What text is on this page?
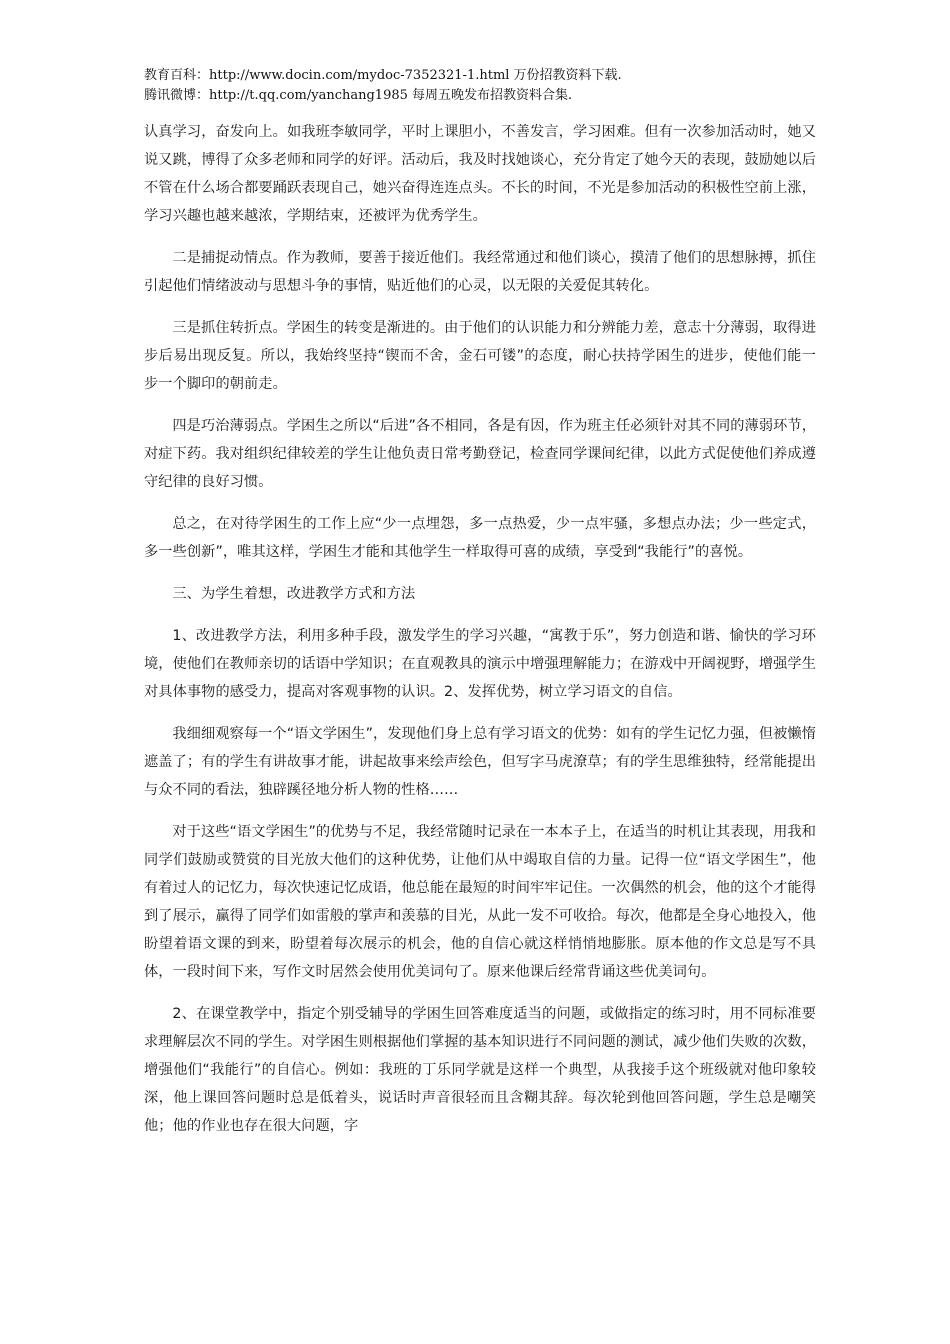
教育百科：http://www.docin.com/mydoc-7352321-1.html 万份招教资料下载.
腾讯微博：http://t.qq.com/yanchang1985 每周五晚发布招教资料合集.

认真学习，奋发向上。如我班李敏同学，平时上课胆小，不善发言，学习困难。但有一次参加活动时，她又说又跳，博得了众多老师和同学的好评。活动后，我及时找她谈心，充分肯定了她今天的表现，鼓励她以后不管在什么场合都要踊跃表现自己，她兴奋得连连点头。不长的时间，不光是参加活动的积极性空前上涨，学习兴趣也越来越浓，学期结束，还被评为优秀学生。

二是捕捉动情点。作为教师，要善于接近他们。我经常通过和他们谈心，摸清了他们的思想脉搏，抓住引起他们情绪波动与思想斗争的事情，贴近他们的心灵，以无限的关爱促其转化。

三是抓住转折点。学困生的转变是渐进的。由于他们的认识能力和分辨能力差，意志十分薄弱，取得进步后易出现反复。所以，我始终坚持“锲而不舍，金石可镂”的态度，耐心扶持学困生的进步，使他们能一步一个脚印的朝前走。

四是巧治薄弱点。学困生之所以“后进”各不相同，各是有因，作为班主任必须针对其不同的薄弱环节，对症下药。我对组织纪律较差的学生让他负责日常考勤登记，检查同学课间纪律，以此方式促使他们养成遵守纪律的良好习惯。

总之，在对待学困生的工作上应“少一点埋怨，多一点热爱，少一点牢骚，多想点办法；少一些定式，多一些创新”，唯其这样，学困生才能和其他学生一样取得可喜的成绩，享受到“我能行”的喜悦。

三、为学生着想，改进教学方式和方法

1、改进教学方法，利用多种手段，激发学生的学习兴趣，“寓教于乐”，努力创造和谐、愉快的学习环境，使他们在教师亲切的话语中学知识；在直观教具的演示中增强理解能力；在游戏中开阔视野，增强学生对具体事物的感受力，提高对客观事物的认识。2、发挥优势，树立学习语文的自信。

我细细观察每一个“语文学困生”，发现他们身上总有学习语文的优势：如有的学生记忆力强，但被懒惰遮盖了；有的学生有讲故事才能，讲起故事来绘声绘色，但写字马虎潦草；有的学生思维独特，经常能提出与众不同的看法，独辟蹊径地分析人物的性格……

对于这些“语文学困生”的优势与不足，我经常随时记录在一本本子上，在适当的时机让其表现，用我和同学们鼓励或赞赏的目光放大他们的这种优势，让他们从中竭取自信的力量。记得一位“语文学困生”，他有着过人的记忆力，每次快速记忆成语，他总能在最短的时间牢牢记住。一次偶然的机会，他的这个才能得到了展示，赢得了同学们如雷般的掌声和羡慕的目光，从此一发不可收拾。每次，他都是全身心地投入，他盼望着语文课的到来，盼望着每次展示的机会，他的自信心就这样悄悄地膨胀。原本他的作文总是写不具体，一段时间下来，写作文时居然会使用优美词句了。原来他课后经常背诵这些优美词句。

2、在课堂教学中，指定个别受辅导的学困生回答难度适当的问题，或做指定的练习时，用不同标准要求理解层次不同的学生。对学困生则根据他们掌握的基本知识进行不同问题的测试，减少他们失败的次数，增强他们“我能行”的自信心。例如：我班的丁乐同学就是这样一个典型，从我接手这个班级就对他印象较深，他上课回答问题时总是低着头，说话时声音很轻而且含糊其辞。每次轮到他回答问题，学生总是嘲笑他；他的作业也存在很大问题，字
